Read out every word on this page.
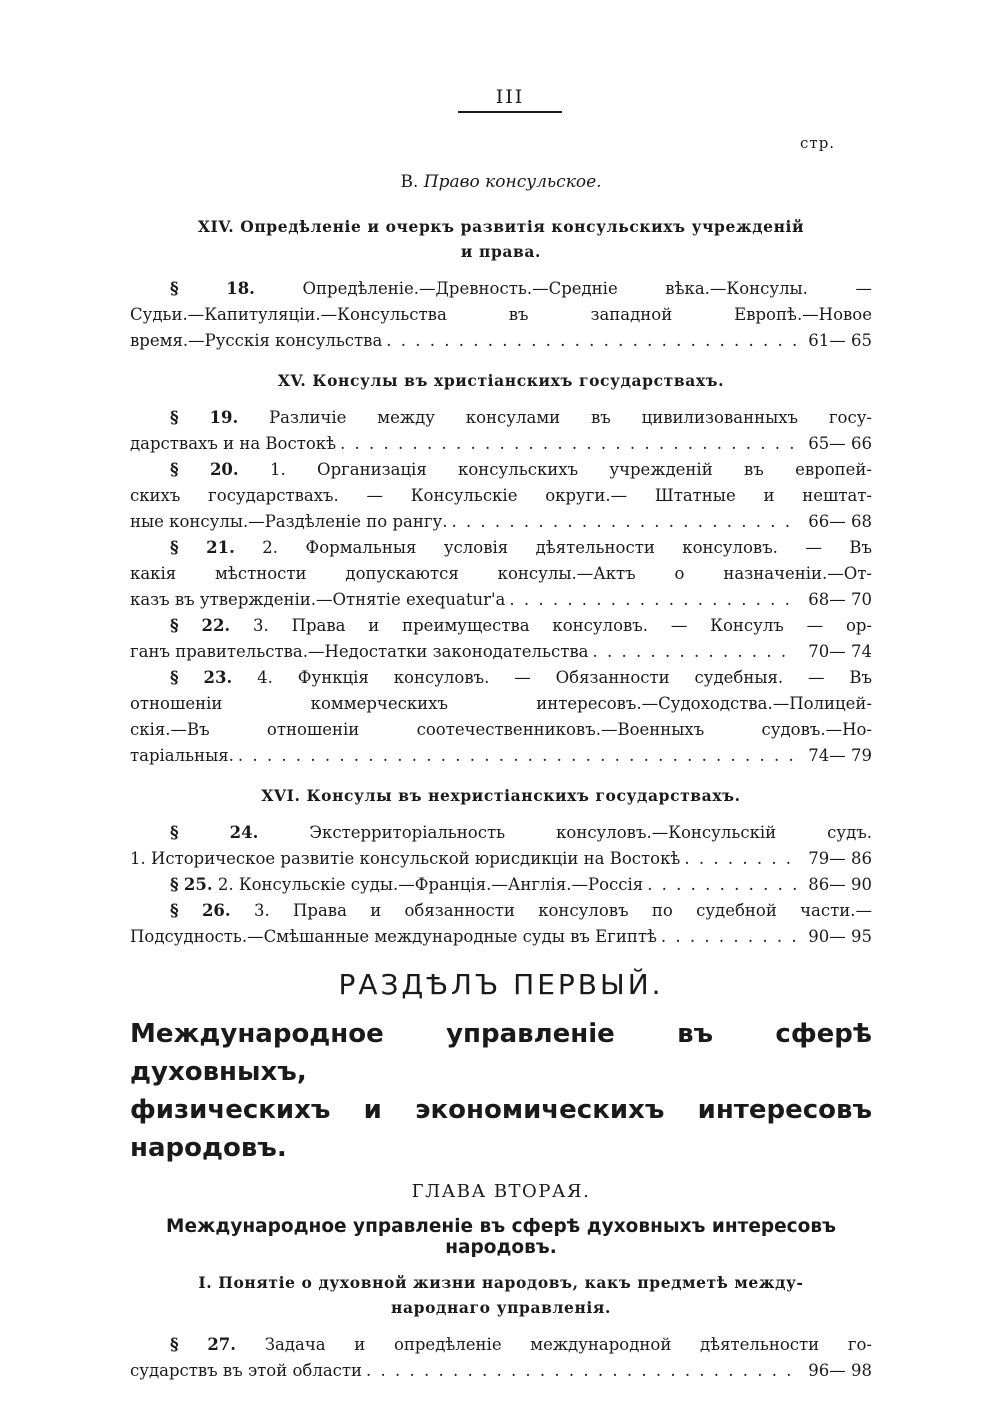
III
стр.
В. Право консульское.
XIV. Опредѣленіе и очеркъ развитія консульскихъ учрежденій
и права.
§	18.	Опредѣленіе.—Древность.—Средніе вѣка.—Консулы. —
Судьи.—Капитуляціи.—Консульства въ западной Европѣ.—Новое
время.—Русскія консульства . . .	61— 65
XV. Консулы въ христіанскихъ государствахъ.
§ 19. Различіе между консулами въ цивилизованныхъ госу-
дарствахъ и на Востокѣ . . .	65— 66
§ 20. 1. Организація консульскихъ учрежденій въ европей-
скихъ государствахъ. — Консульскіе округи.— Штатные и нештат-
ные консулы.—Раздѣленіе по рангу. . . .	66— 68
§ 21. 2. Формальныя условія дѣятельности консуловъ. — Въ
какія мѣстности допускаются консулы.—Актъ о назначеніи.—От-
казъ въ утвержденіи.—Отнятіе exequatur'а . . .	68— 70
§ 22. 3. Права и преимущества консуловъ. — Консулъ — ор-
ганъ правительства.—Недостатки законодательства . . .	70— 74
§ 23. 4. Функція консуловъ. — Обязанности судебныя. — Въ
отношеніи коммерческихъ интересовъ.—Судоходства.—Полицей-
скія.—Въ отношеніи соотечественниковъ.—Военныхъ судовъ.—Но-
таріальныя. . . .	74— 79
XVI. Консулы въ нехристіанскихъ государствахъ.
§	24.	Экстерриторіальность консуловъ.—Консульскій судъ.
1. Историческое развитіе консульской юрисдикціи на Востокѣ . . .	79— 86
§ 25. 2. Консульскіе суды.—Франція.—Англія.—Россія . . .	86— 90
§ 26. 3. Права и обязанности консуловъ по судебной части.—
Подсудность.—Смѣшанные международные суды въ Египтѣ . . .	90— 95
РАЗДѢЛЪ ПЕРВЫЙ.
Международное управленіе въ сферѣ духовныхъ,
физическихъ и экономическихъ интересовъ народовъ.
ГЛАВА ВТОРАЯ.
Международное управленіе въ сферѣ духовныхъ интересовъ народовъ.
I. Понятіе о духовной жизни народовъ, какъ предметѣ между-
народнаго управленія.
§ 27. Задача и опредѣленіе международной дѣятельности го-
сударствъ въ этой области . . .	96— 98
